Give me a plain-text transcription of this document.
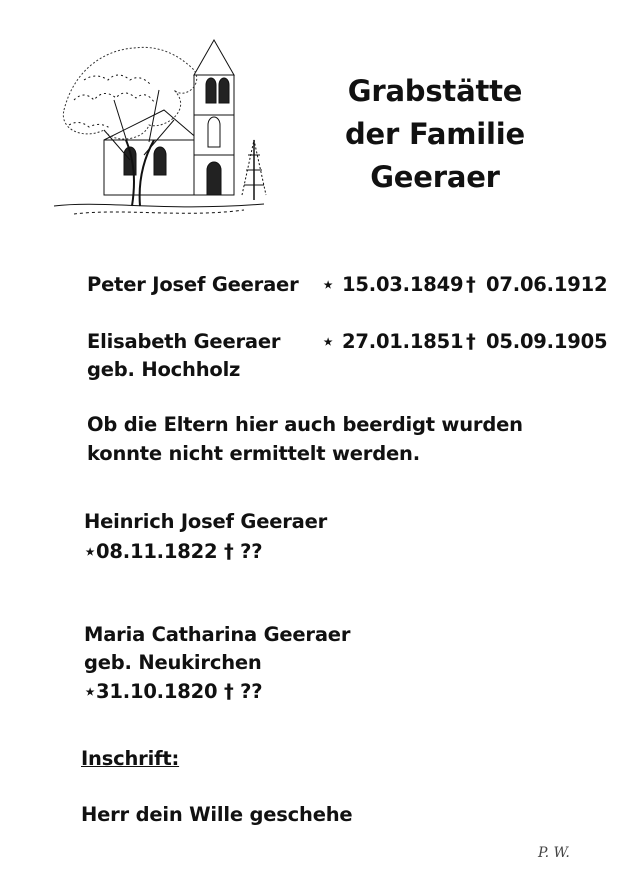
Grabstätte
der Familie
Geeraer
Peter Josef Geeraer ⋆ 15.03.1849 † 07.06.1912
Elisabeth Geeraer ⋆ 27.01.1851 † 05.09.1905
geb. Hochholz
Ob die Eltern hier auch beerdigt wurden
konnte nicht ermittelt werden.
Heinrich Josef Geeraer
⋆08.11.1822 † ??
Maria Catharina Geeraer
geb. Neukirchen
⋆31.10.1820 † ??
Inschrift:
Herr dein Wille geschehe
P. W.
